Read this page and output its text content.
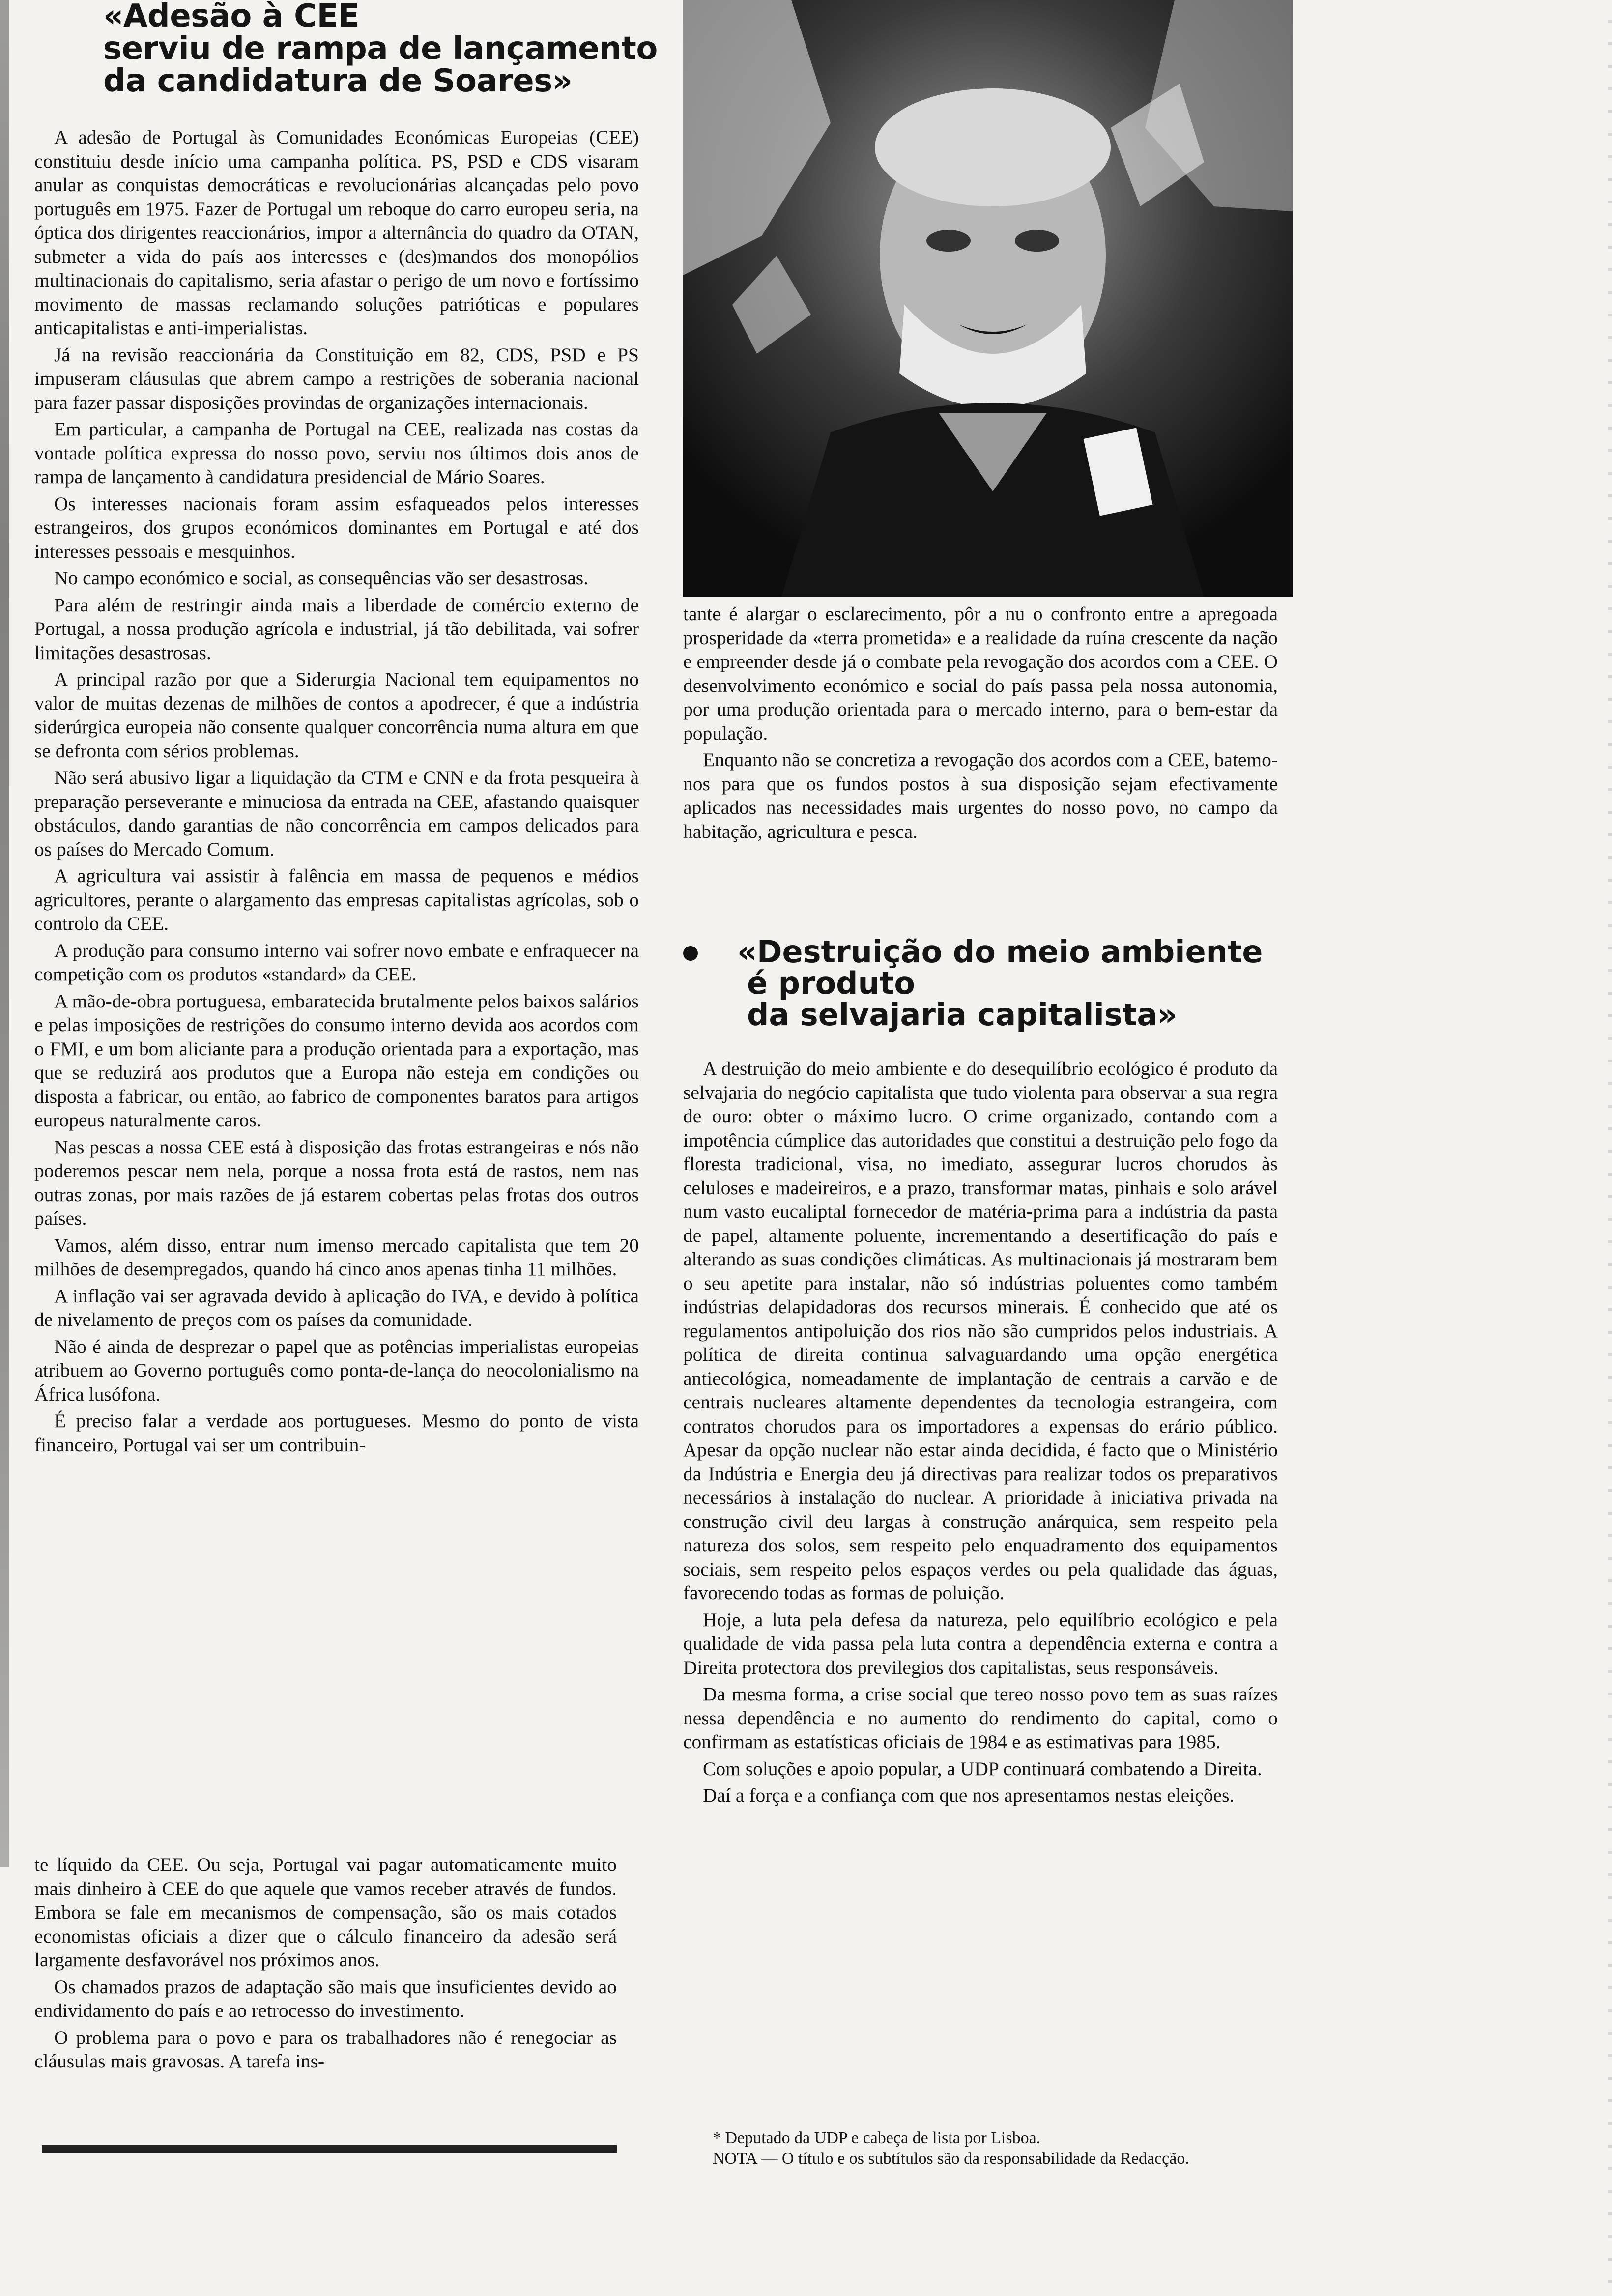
«Adesão à CEE
serviu de rampa de lançamento
da candidatura de Soares»

A adesão de Portugal às Comunidades Económicas Europeias (CEE) constituiu desde início uma campanha política. PS, PSD e CDS visaram anular as conquistas democráticas e revolucionárias alcançadas pelo povo português em 1975. Fazer de Portugal um reboque do carro europeu seria, na óptica dos dirigentes reaccionários, impor a alternância do quadro da OTAN, submeter a vida do país aos interesses e (des)mandos dos monopólios multinacionais do capitalismo, seria afastar o perigo de um novo e fortíssimo movimento de massas reclamando soluções patrióticas e populares anticapitalistas e anti-imperialistas.

Já na revisão reaccionária da Constituição em 82, CDS, PSD e PS impuseram cláusulas que abrem campo a restrições de soberania nacional para fazer passar disposições provindas de organizações internacionais.

Em particular, a campanha de Portugal na CEE, realizada nas costas da vontade política expressa do nosso povo, serviu nos últimos dois anos de rampa de lançamento à candidatura presidencial de Mário Soares.

Os interesses nacionais foram assim esfaqueados pelos interesses estrangeiros, dos grupos económicos dominantes em Portugal e até dos interesses pessoais e mesquinhos.

No campo económico e social, as consequências vão ser desastrosas.

Para além de restringir ainda mais a liberdade de comércio externo de Portugal, a nossa produção agrícola e industrial, já tão debilitada, vai sofrer limitações desastrosas.

A principal razão por que a Siderurgia Nacional tem equipamentos no valor de muitas dezenas de milhões de contos a apodrecer, é que a indústria siderúrgica europeia não consente qualquer concorrência numa altura em que se defronta com sérios problemas.

Não será abusivo ligar a liquidação da CTM e CNN e da frota pesqueira à preparação perseverante e minuciosa da entrada na CEE, afastando quaisquer obstáculos, dando garantias de não concorrência em campos delicados para os países do Mercado Comum.

A agricultura vai assistir à falência em massa de pequenos e médios agricultores, perante o alargamento das empresas capitalistas agrícolas, sob o controlo da CEE.

A produção para consumo interno vai sofrer novo embate e enfraquecer na competição com os produtos «standard» da CEE.

A mão-de-obra portuguesa, embaratecida brutalmente pelos baixos salários e pelas imposições de restrições do consumo interno devida aos acordos com o FMI, e um bom aliciante para a produção orientada para a exportação, mas que se reduzirá aos produtos que a Europa não esteja em condições ou disposta a fabricar, ou então, ao fabrico de componentes baratos para artigos europeus naturalmente caros.

Nas pescas a nossa CEE está à disposição das frotas estrangeiras e nós não poderemos pescar nem nela, porque a nossa frota está de rastos, nem nas outras zonas, por mais razões de já estarem cobertas pelas frotas dos outros países.

Vamos, além disso, entrar num imenso mercado capitalista que tem 20 milhões de desempregados, quando há cinco anos apenas tinha 11 milhões.

A inflação vai ser agravada devido à aplicação do IVA, e devido à política de nivelamento de preços com os países da comunidade.

Não é ainda de desprezar o papel que as potências imperialistas europeias atribuem ao Governo português como ponta-de-lança do neocolonialismo na África lusófona.

É preciso falar a verdade aos portugueses. Mesmo do ponto de vista financeiro, Portugal vai ser um contribuin-

te líquido da CEE. Ou seja, Portugal vai pagar automaticamente muito mais dinheiro à CEE do que aquele que vamos receber através de fundos. Embora se fale em mecanismos de compensação, são os mais cotados economistas oficiais a dizer que o cálculo financeiro da adesão será largamente desfavorável nos próximos anos.

Os chamados prazos de adaptação são mais que insuficientes devido ao endividamento do país e ao retrocesso do investimento.

O problema para o povo e para os trabalhadores não é renegociar as cláusulas mais gravosas. A tarefa ins-

tante é alargar o esclarecimento, pôr a nu o confronto entre a apregoada prosperidade da «terra prometida» e a realidade da ruína crescente da nação e empreender desde já o combate pela revogação dos acordos com a CEE. O desenvolvimento económico e social do país passa pela nossa autonomia, por uma produção orientada para o mercado interno, para o bem-estar da população.

Enquanto não se concretiza a revogação dos acordos com a CEE, batemo-nos para que os fundos postos à sua disposição sejam efectivamente aplicados nas necessidades mais urgentes do nosso povo, no campo da habitação, agricultura e pesca.

«Destruição do meio ambiente
é produto
da selvajaria capitalista»

A destruição do meio ambiente e do desequilíbrio ecológico é produto da selvajaria do negócio capitalista que tudo violenta para observar a sua regra de ouro: obter o máximo lucro. O crime organizado, contando com a impotência cúmplice das autoridades que constitui a destruição pelo fogo da floresta tradicional, visa, no imediato, assegurar lucros chorudos às celuloses e madeireiros, e a prazo, transformar matas, pinhais e solo arável num vasto eucaliptal fornecedor de matéria-prima para a indústria da pasta de papel, altamente poluente, incrementando a desertificação do país e alterando as suas condições climáticas. As multinacionais já mostraram bem o seu apetite para instalar, não só indústrias poluentes como também indústrias delapidadoras dos recursos minerais. É conhecido que até os regulamentos antipoluição dos rios não são cumpridos pelos industriais. A política de direita continua salvaguardando uma opção energética antiecológica, nomeadamente de implantação de centrais a carvão e de centrais nucleares altamente dependentes da tecnologia estrangeira, com contratos chorudos para os importadores a expensas do erário público. Apesar da opção nuclear não estar ainda decidida, é facto que o Ministério da Indústria e Energia deu já directivas para realizar todos os preparativos necessários à instalação do nuclear. A prioridade à iniciativa privada na construção civil deu largas à construção anárquica, sem respeito pela natureza dos solos, sem respeito pelo enquadramento dos equipamentos sociais, sem respeito pelos espaços verdes ou pela qualidade das águas, favorecendo todas as formas de poluição.

Hoje, a luta pela defesa da natureza, pelo equilíbrio ecológico e pela qualidade de vida passa pela luta contra a dependência externa e contra a Direita protectora dos previlegios dos capitalistas, seus responsáveis.

Da mesma forma, a crise social que tereo nosso povo tem as suas raízes nessa dependência e no aumento do rendimento do capital, como o confirmam as estatísticas oficiais de 1984 e as estimativas para 1985.

Com soluções e apoio popular, a UDP continuará combatendo a Direita.

Daí a força e a confiança com que nos apresentamos nestas eleições.

* Deputado da UDP e cabeça de lista por Lisboa.

NOTA — O título e os subtítulos são da responsabilidade da Redacção.
